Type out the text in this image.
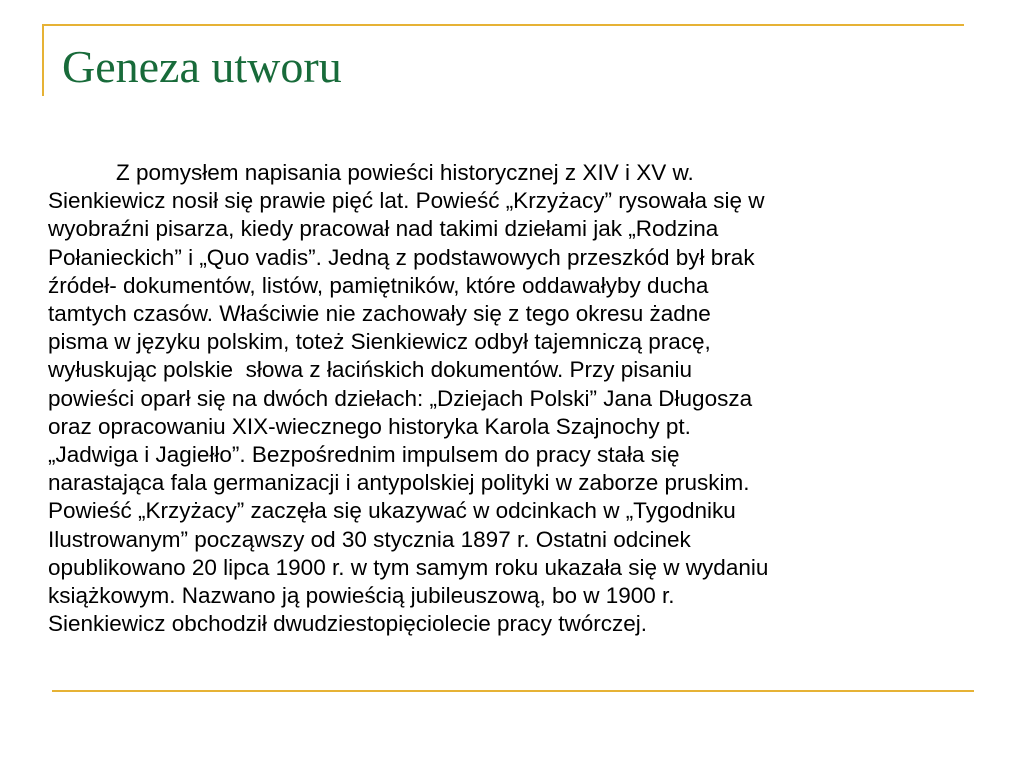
Geneza utworu
Z pomysłem napisania powieści historycznej z XIV i XV w.
Sienkiewicz nosił się prawie pięć lat. Powieść „Krzyżacy” rysowała się w
wyobraźni pisarza, kiedy pracował nad takimi dziełami jak „Rodzina
Połanieckich” i „Quo vadis”. Jedną z podstawowych przeszkód był brak
źródeł- dokumentów, listów, pamiętników, które oddawałyby ducha
tamtych czasów. Właściwie nie zachowały się z tego okresu żadne
pisma w języku polskim, toteż Sienkiewicz odbył tajemniczą pracę,
wyłuskując polskie  słowa z łacińskich dokumentów. Przy pisaniu
powieści oparł się na dwóch dziełach: „Dziejach Polski” Jana Długosza
oraz opracowaniu XIX-wiecznego historyka Karola Szajnochy pt.
„Jadwiga i Jagiełło”. Bezpośrednim impulsem do pracy stała się
narastająca fala germanizacji i antypolskiej polityki w zaborze pruskim.
Powieść „Krzyżacy” zaczęła się ukazywać w odcinkach w „Tygodniku
Ilustrowanym” począwszy od 30 stycznia 1897 r. Ostatni odcinek
opublikowano 20 lipca 1900 r. w tym samym roku ukazała się w wydaniu
książkowym. Nazwano ją powieścią jubileuszową, bo w 1900 r.
Sienkiewicz obchodził dwudziestopięciolecie pracy twórczej.
